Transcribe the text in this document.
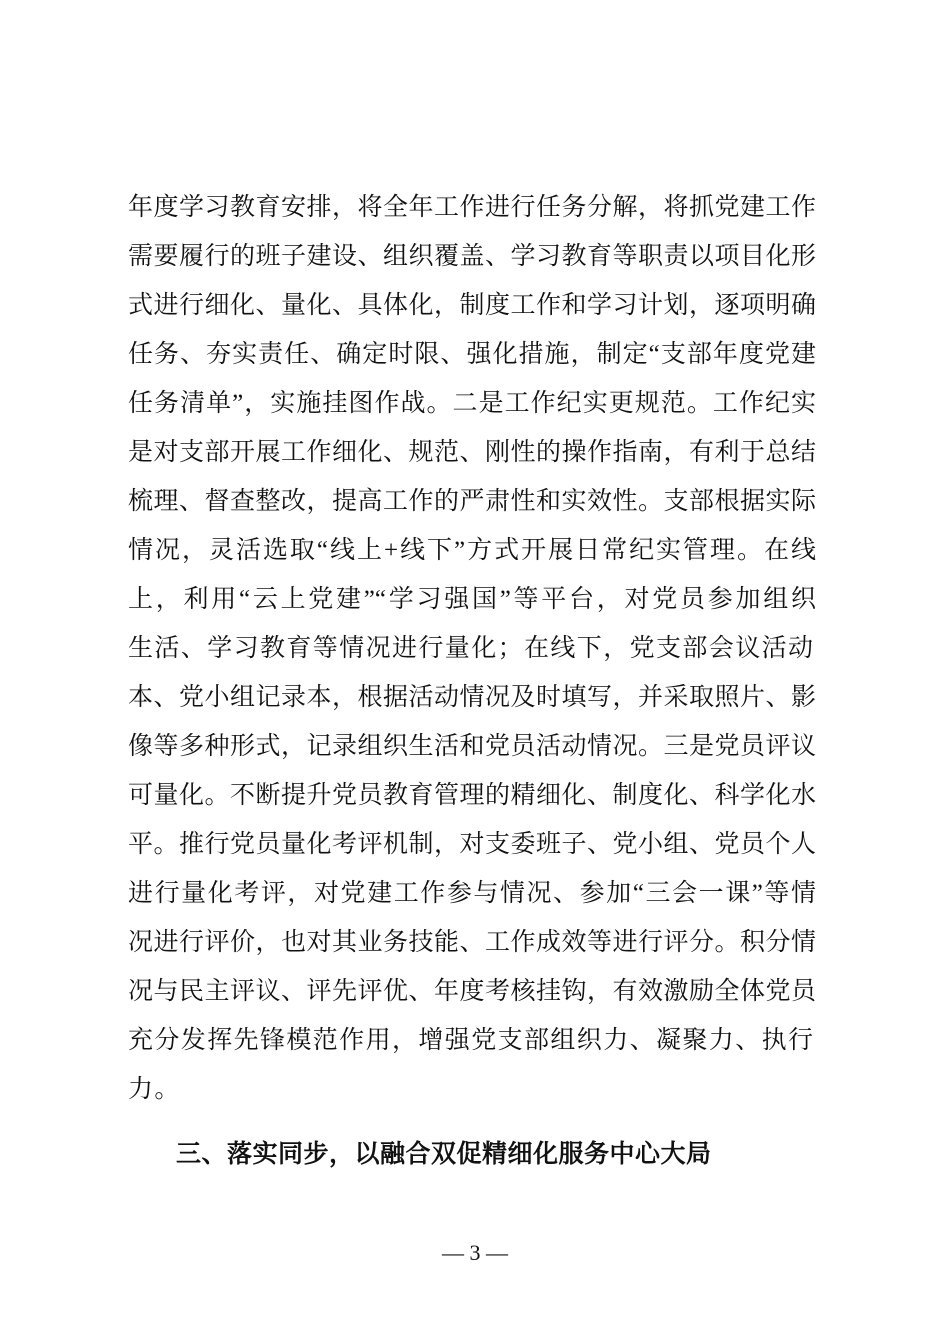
年度学习教育安排，将全年工作进行任务分解，将抓党建工作
需要履行的班子建设、组织覆盖、学习教育等职责以项目化形
式进行细化、量化、具体化，制度工作和学习计划，逐项明确
任务、夯实责任、确定时限、强化措施，制定“支部年度党建
任务清单”，实施挂图作战。二是工作纪实更规范。工作纪实
是对支部开展工作细化、规范、刚性的操作指南，有利于总结
梳理、督查整改，提高工作的严肃性和实效性。支部根据实际
情况，灵活选取“线上+线下”方式开展日常纪实管理。在线
上，利用“云上党建”“学习强国”等平台，对党员参加组织
生活、学习教育等情况进行量化；在线下，党支部会议活动
本、党小组记录本，根据活动情况及时填写，并采取照片、影
像等多种形式，记录组织生活和党员活动情况。三是党员评议
可量化。不断提升党员教育管理的精细化、制度化、科学化水
平。推行党员量化考评机制，对支委班子、党小组、党员个人
进行量化考评，对党建工作参与情况、参加“三会一课”等情
况进行评价，也对其业务技能、工作成效等进行评分。积分情
况与民主评议、评先评优、年度考核挂钩，有效激励全体党员
充分发挥先锋模范作用，增强党支部组织力、凝聚力、执行
力。
三、落实同步，以融合双促精细化服务中心大局
— 3 —
